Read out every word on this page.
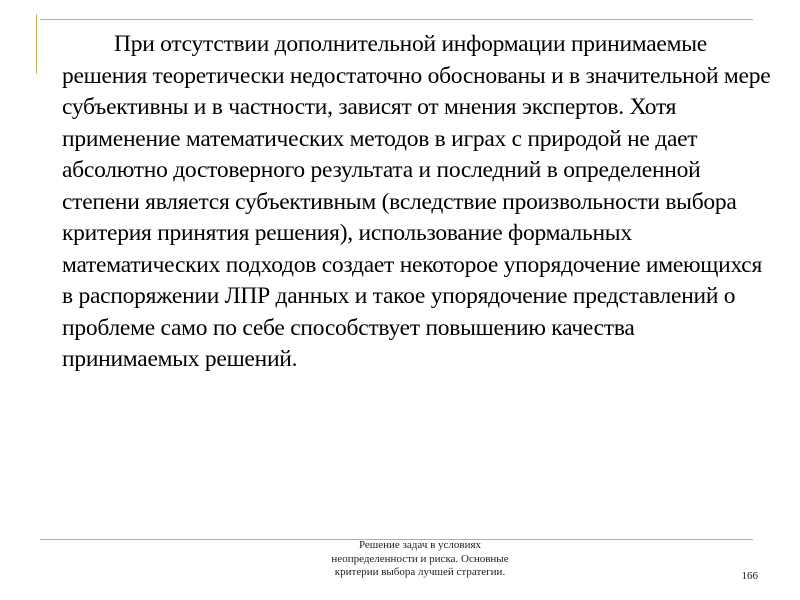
При отсутствии дополнительной информации принимаемые решения теоретически недостаточно обоснованы и в значительной мере субъективны и в частности, зависят от мнения экспертов. Хотя применение математических методов в играх с природой не дает абсолютно достоверного результата и последний в определенной степени является субъективным (вследствие произвольности выбора критерия принятия решения), использование формальных математических подходов создает некоторое упорядочение имеющихся в распоряжении ЛПР данных и такое упорядочение представлений о проблеме само по себе способствует повышению качества принимаемых решений.

Решение задач в условиях
неопределенности и риска. Основные
критерии выбора лучшей стратегии.	166
